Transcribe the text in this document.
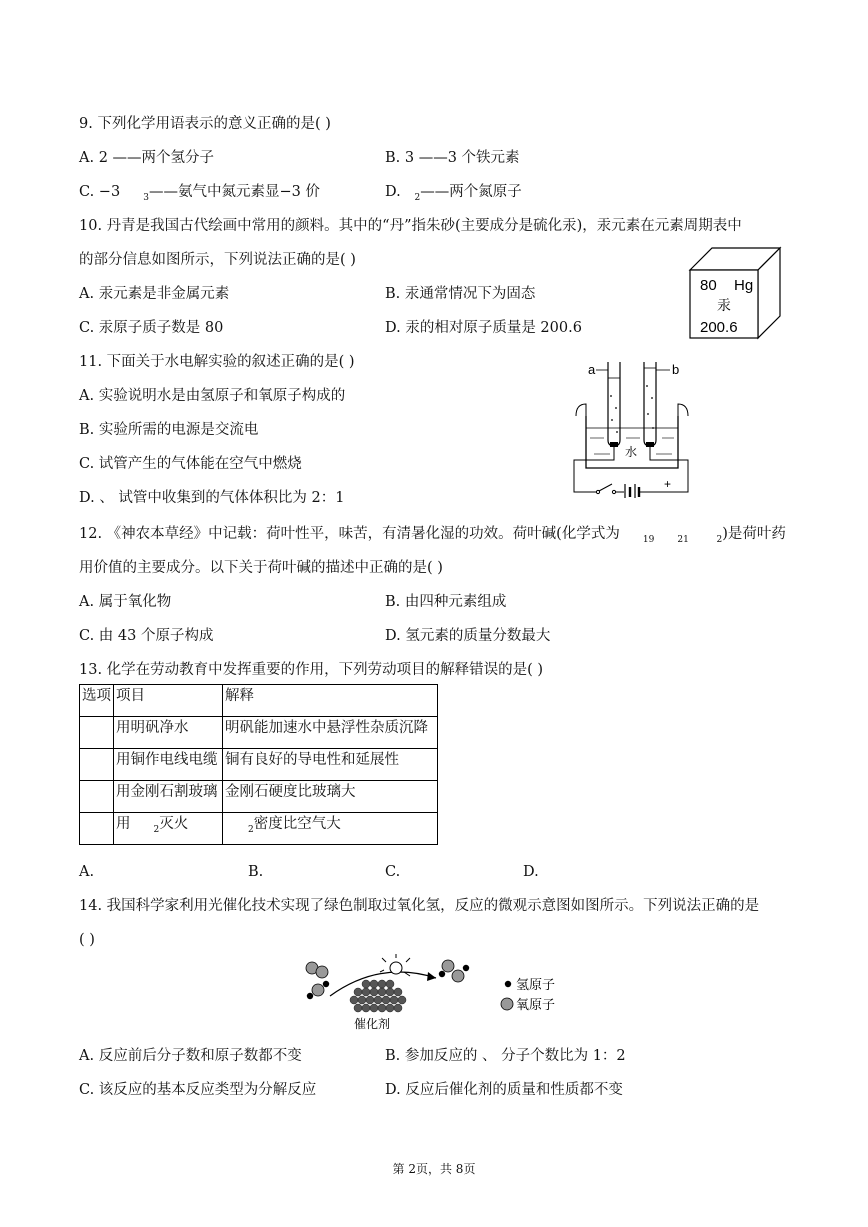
9. 下列化学用语表示的意义正确的是( )
A. 2 ——两个氢分子	B. 3 ——3 个铁元素
C. −3	$_3$——氨气中氮元素显−3 价	D. $_2$——两个氮原子
10. 丹青是我国古代绘画中常用的颜料。其中的“丹”指朱砂(主要成分是硫化汞)，汞元素在元素周期表中
的部分信息如图所示，下列说法正确的是( )
A. 汞元素是非金属元素	B. 汞通常情况下为固态
C. 汞原子质子数是 80	D. 汞的相对原子质量是 200.6
80 Hg
汞
200.6
11. 下面关于水电解实验的叙述正确的是( )
A. 实验说明水是由氢原子和氧原子构成的
B. 实验所需的电源是交流电
C. 试管产生的气体能在空气中燃烧
D. 、 试管中收集到的气体体积比为 2：1
a	b
水
+
12. 《神农本草经》中记载：荷叶性平，味苦，有清暑化湿的功效。荷叶碱(化学式为	$_{19}$	$_{21}$	$_2$)是荷叶药
用价值的主要成分。以下关于荷叶碱的描述中正确的是( )
A. 属于氧化物	B. 由四种元素组成
C. 由 43 个原子构成	D. 氢元素的质量分数最大
13. 化学在劳动教育中发挥重要的作用，下列劳动项目的解释错误的是( )
选项	项目	解释
	用明矾净水	明矾能加速水中悬浮性杂质沉降
	用铜作电线电缆	铜有良好的导电性和延展性
	用金刚石割玻璃	金刚石硬度比玻璃大
	用 $_2$灭火	$_2$密度比空气大
A.	B.	C.	D.
14. 我国科学家利用光催化技术实现了绿色制取过氧化氢，反应的微观示意图如图所示。下列说法正确的是
( )
催化剂
氢原子
氧原子
A. 反应前后分子数和原子数都不变	B. 参加反应的 、 分子个数比为 1：2
C. 该反应的基本反应类型为分解反应	D. 反应后催化剂的质量和性质都不变
第 2页，共 8页
